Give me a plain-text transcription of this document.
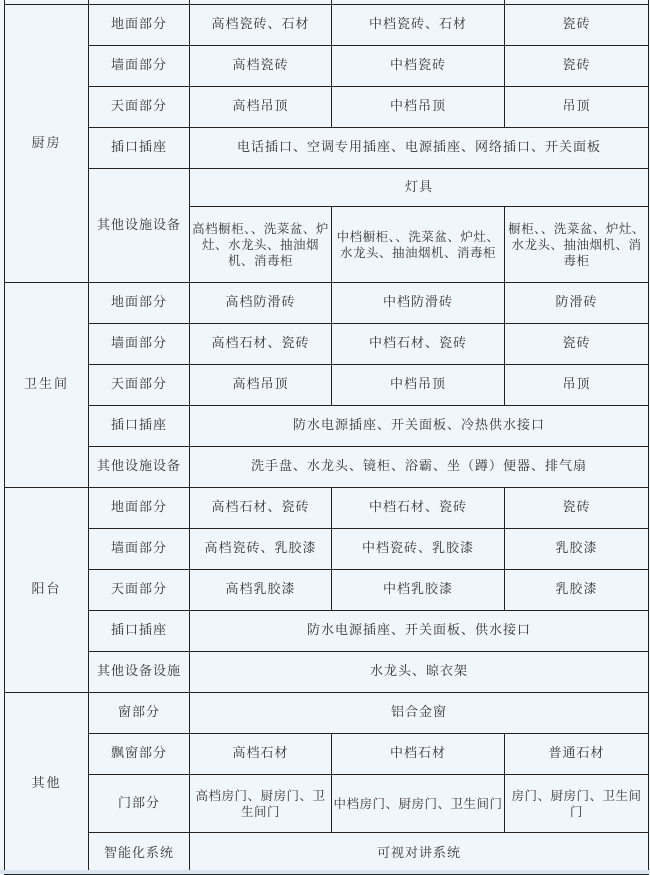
厨房	地面部分	高档瓷砖、石材	中档瓷砖、石材	瓷砖
	墙面部分	高档瓷砖	中档瓷砖	瓷砖
	天面部分	高档吊顶	中档吊顶	吊顶
	插口插座	电话插口、空调专用插座、电源插座、网络插口、开关面板		
	其他设施设备	灯具		
		高档橱柜、、洗菜盆、炉灶、水龙头、抽油烟机、消毒柜	中档橱柜、、洗菜盆、炉灶、水龙头、抽油烟机、消毒柜	橱柜、、洗菜盆、炉灶、水龙头、抽油烟机、消毒柜
卫生间	地面部分	高档防滑砖	中档防滑砖	防滑砖
	墙面部分	高档石材、瓷砖	中档石材、瓷砖	瓷砖
	天面部分	高档吊顶	中档吊顶	吊顶
	插口插座	防水电源插座、开关面板、冷热供水接口		
	其他设施设备	洗手盘、水龙头、镜柜、浴霸、坐（蹲）便器、排气扇		
阳台	地面部分	高档石材、瓷砖	中档石材、瓷砖	瓷砖
	墙面部分	高档瓷砖、乳胶漆	中档瓷砖、乳胶漆	乳胶漆
	天面部分	高档乳胶漆	中档乳胶漆	乳胶漆
	插口插座	防水电源插座、开关面板、供水接口		
	其他设备设施	水龙头、晾衣架		
其他	窗部分	铝合金窗		
	飘窗部分	高档石材	中档石材	普通石材
	门部分	高档房门、厨房门、卫生间门	中档房门、厨房门、卫生间门	房门、厨房门、卫生间门
	智能化系统	可视对讲系统		
